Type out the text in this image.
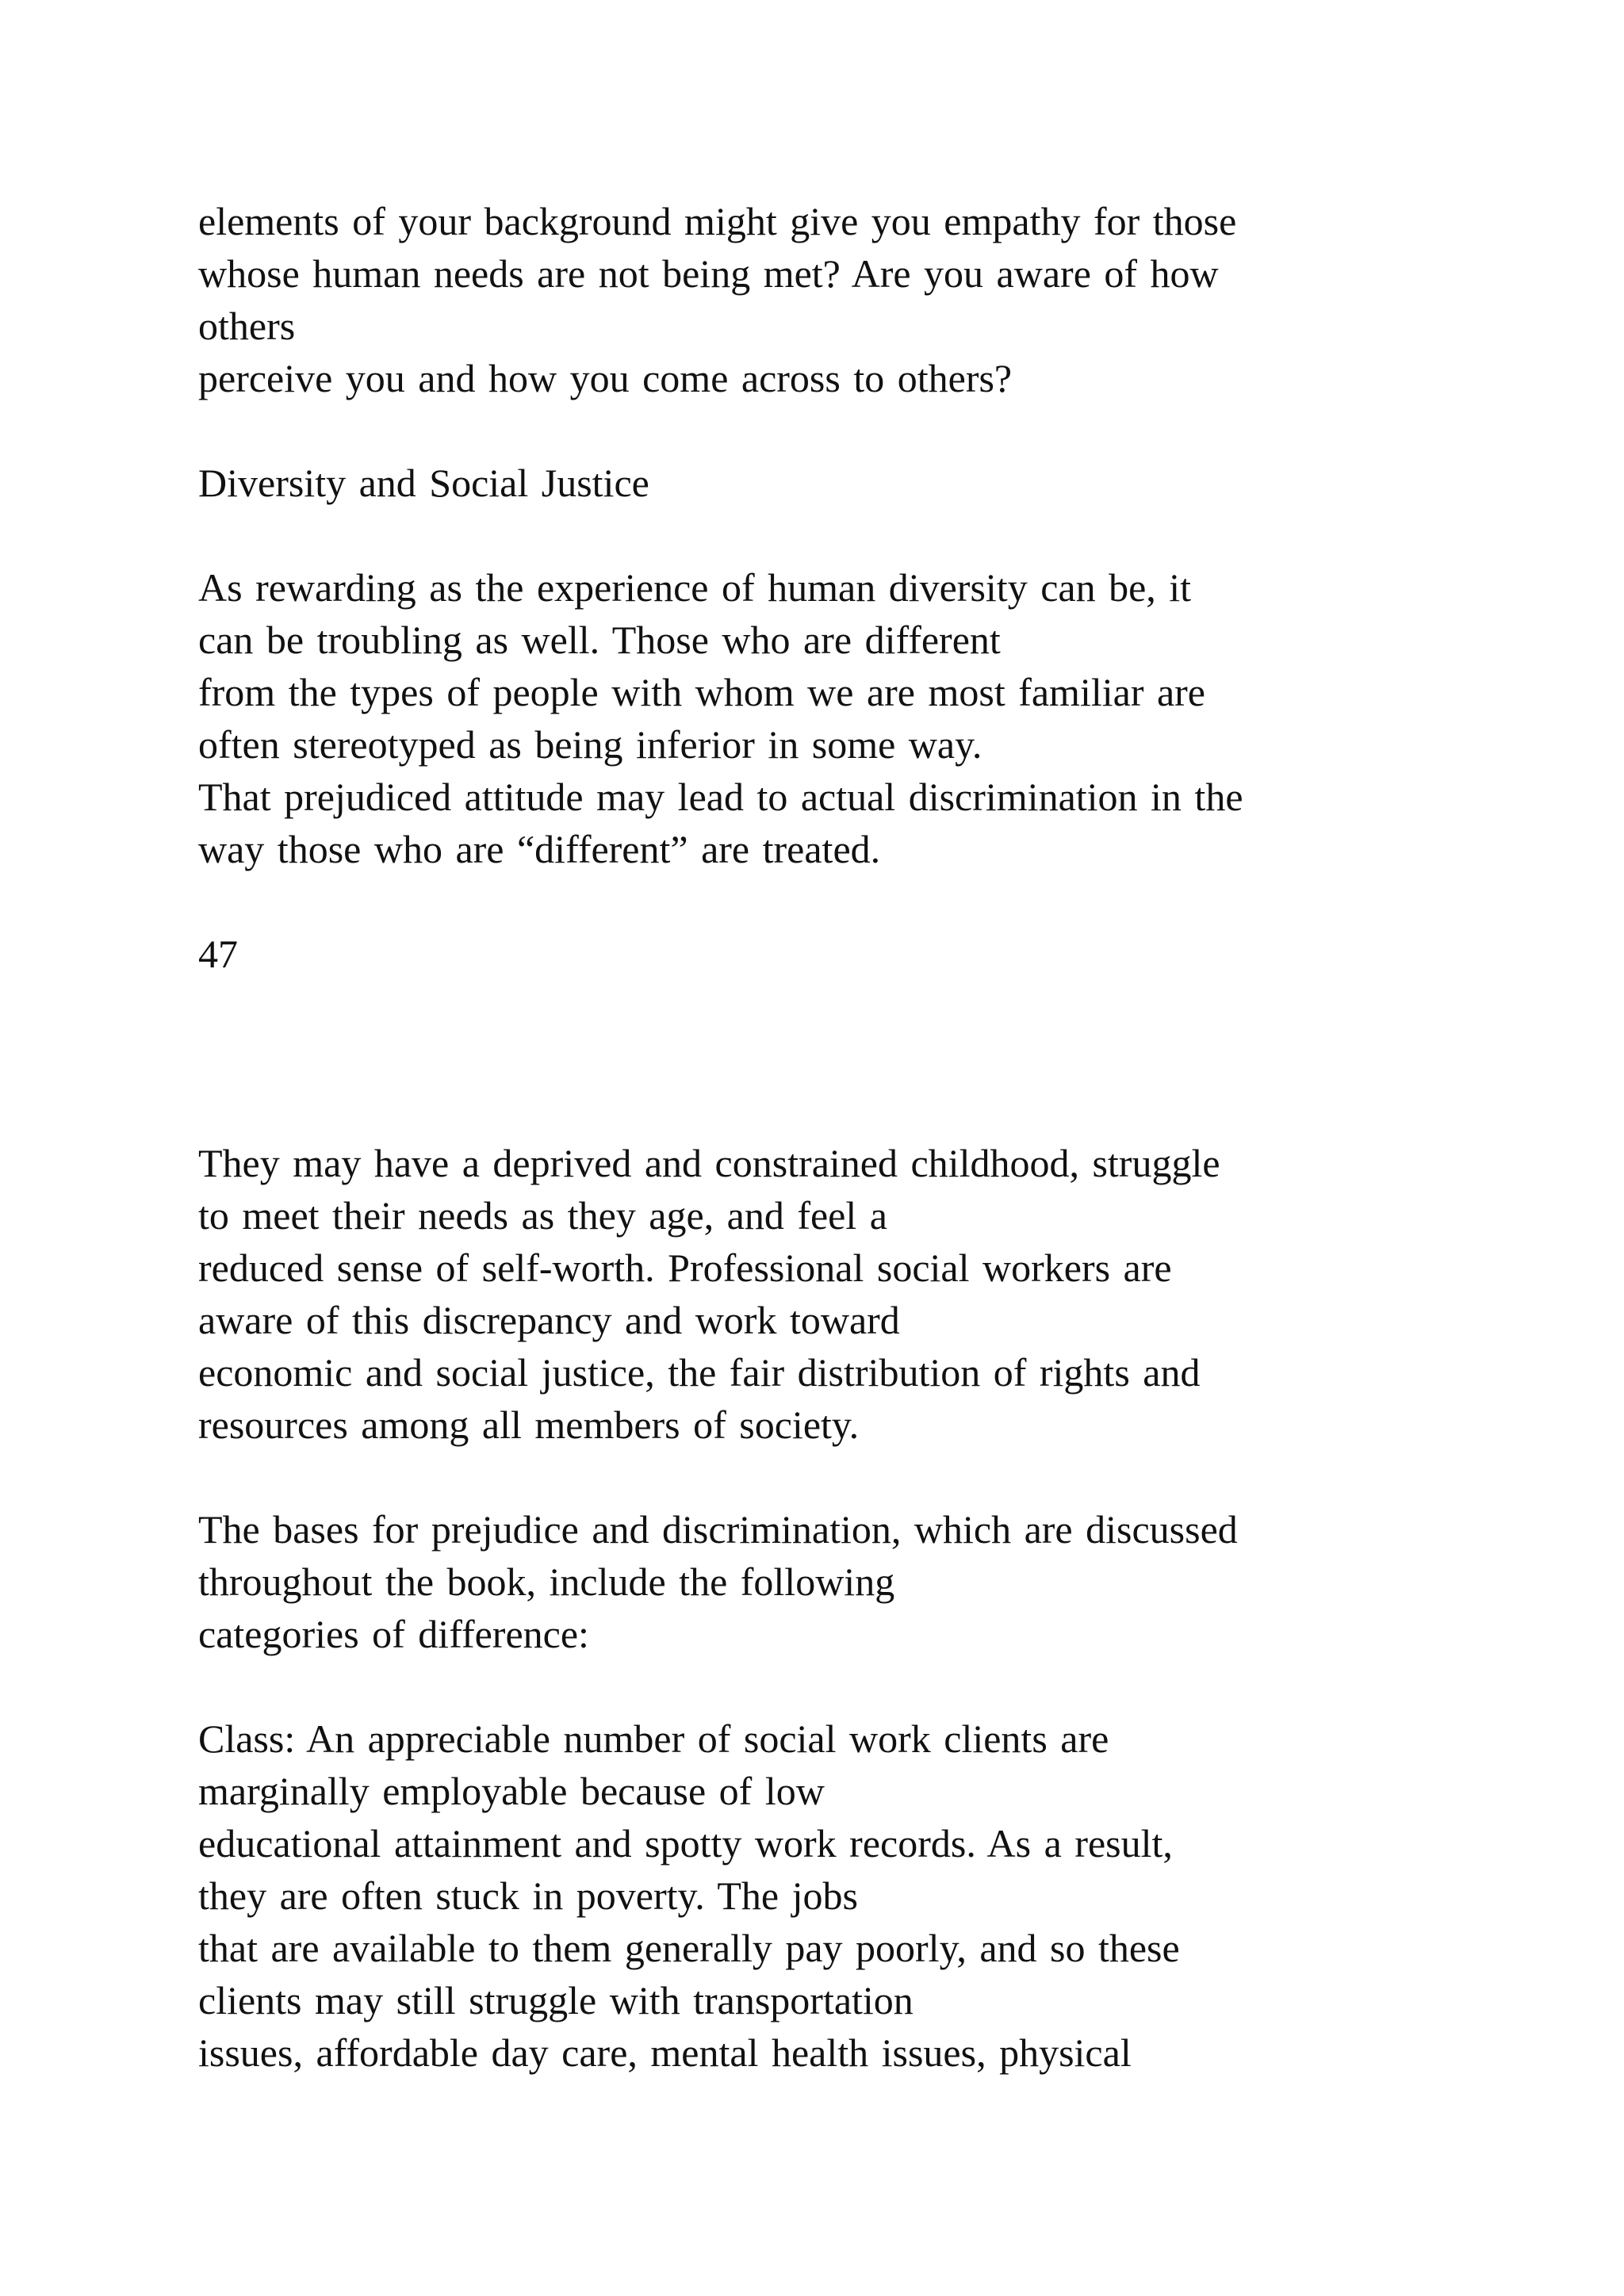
elements of your background might give you empathy for those

whose human needs are not being met? Are you aware of how

others

perceive you and how you come across to others?

Diversity and Social Justice

As rewarding as the experience of human diversity can be, it

can be troubling as well. Those who are different

from the types of people with whom we are most familiar are

often stereotyped as being inferior in some way.

That prejudiced attitude may lead to actual discrimination in the

way those who are “different” are treated.

47

They may have a deprived and constrained childhood, struggle

to meet their needs as they age, and feel a

reduced sense of self-worth. Professional social workers are

aware of this discrepancy and work toward

economic and social justice, the fair distribution of rights and

resources among all members of society.

The bases for prejudice and discrimination, which are discussed

throughout the book, include the following

categories of difference:

Class: An appreciable number of social work clients are

marginally employable because of low

educational attainment and spotty work records. As a result,

they are often stuck in poverty. The jobs

that are available to them generally pay poorly, and so these

clients may still struggle with transportation

issues, affordable day care, mental health issues, physical
